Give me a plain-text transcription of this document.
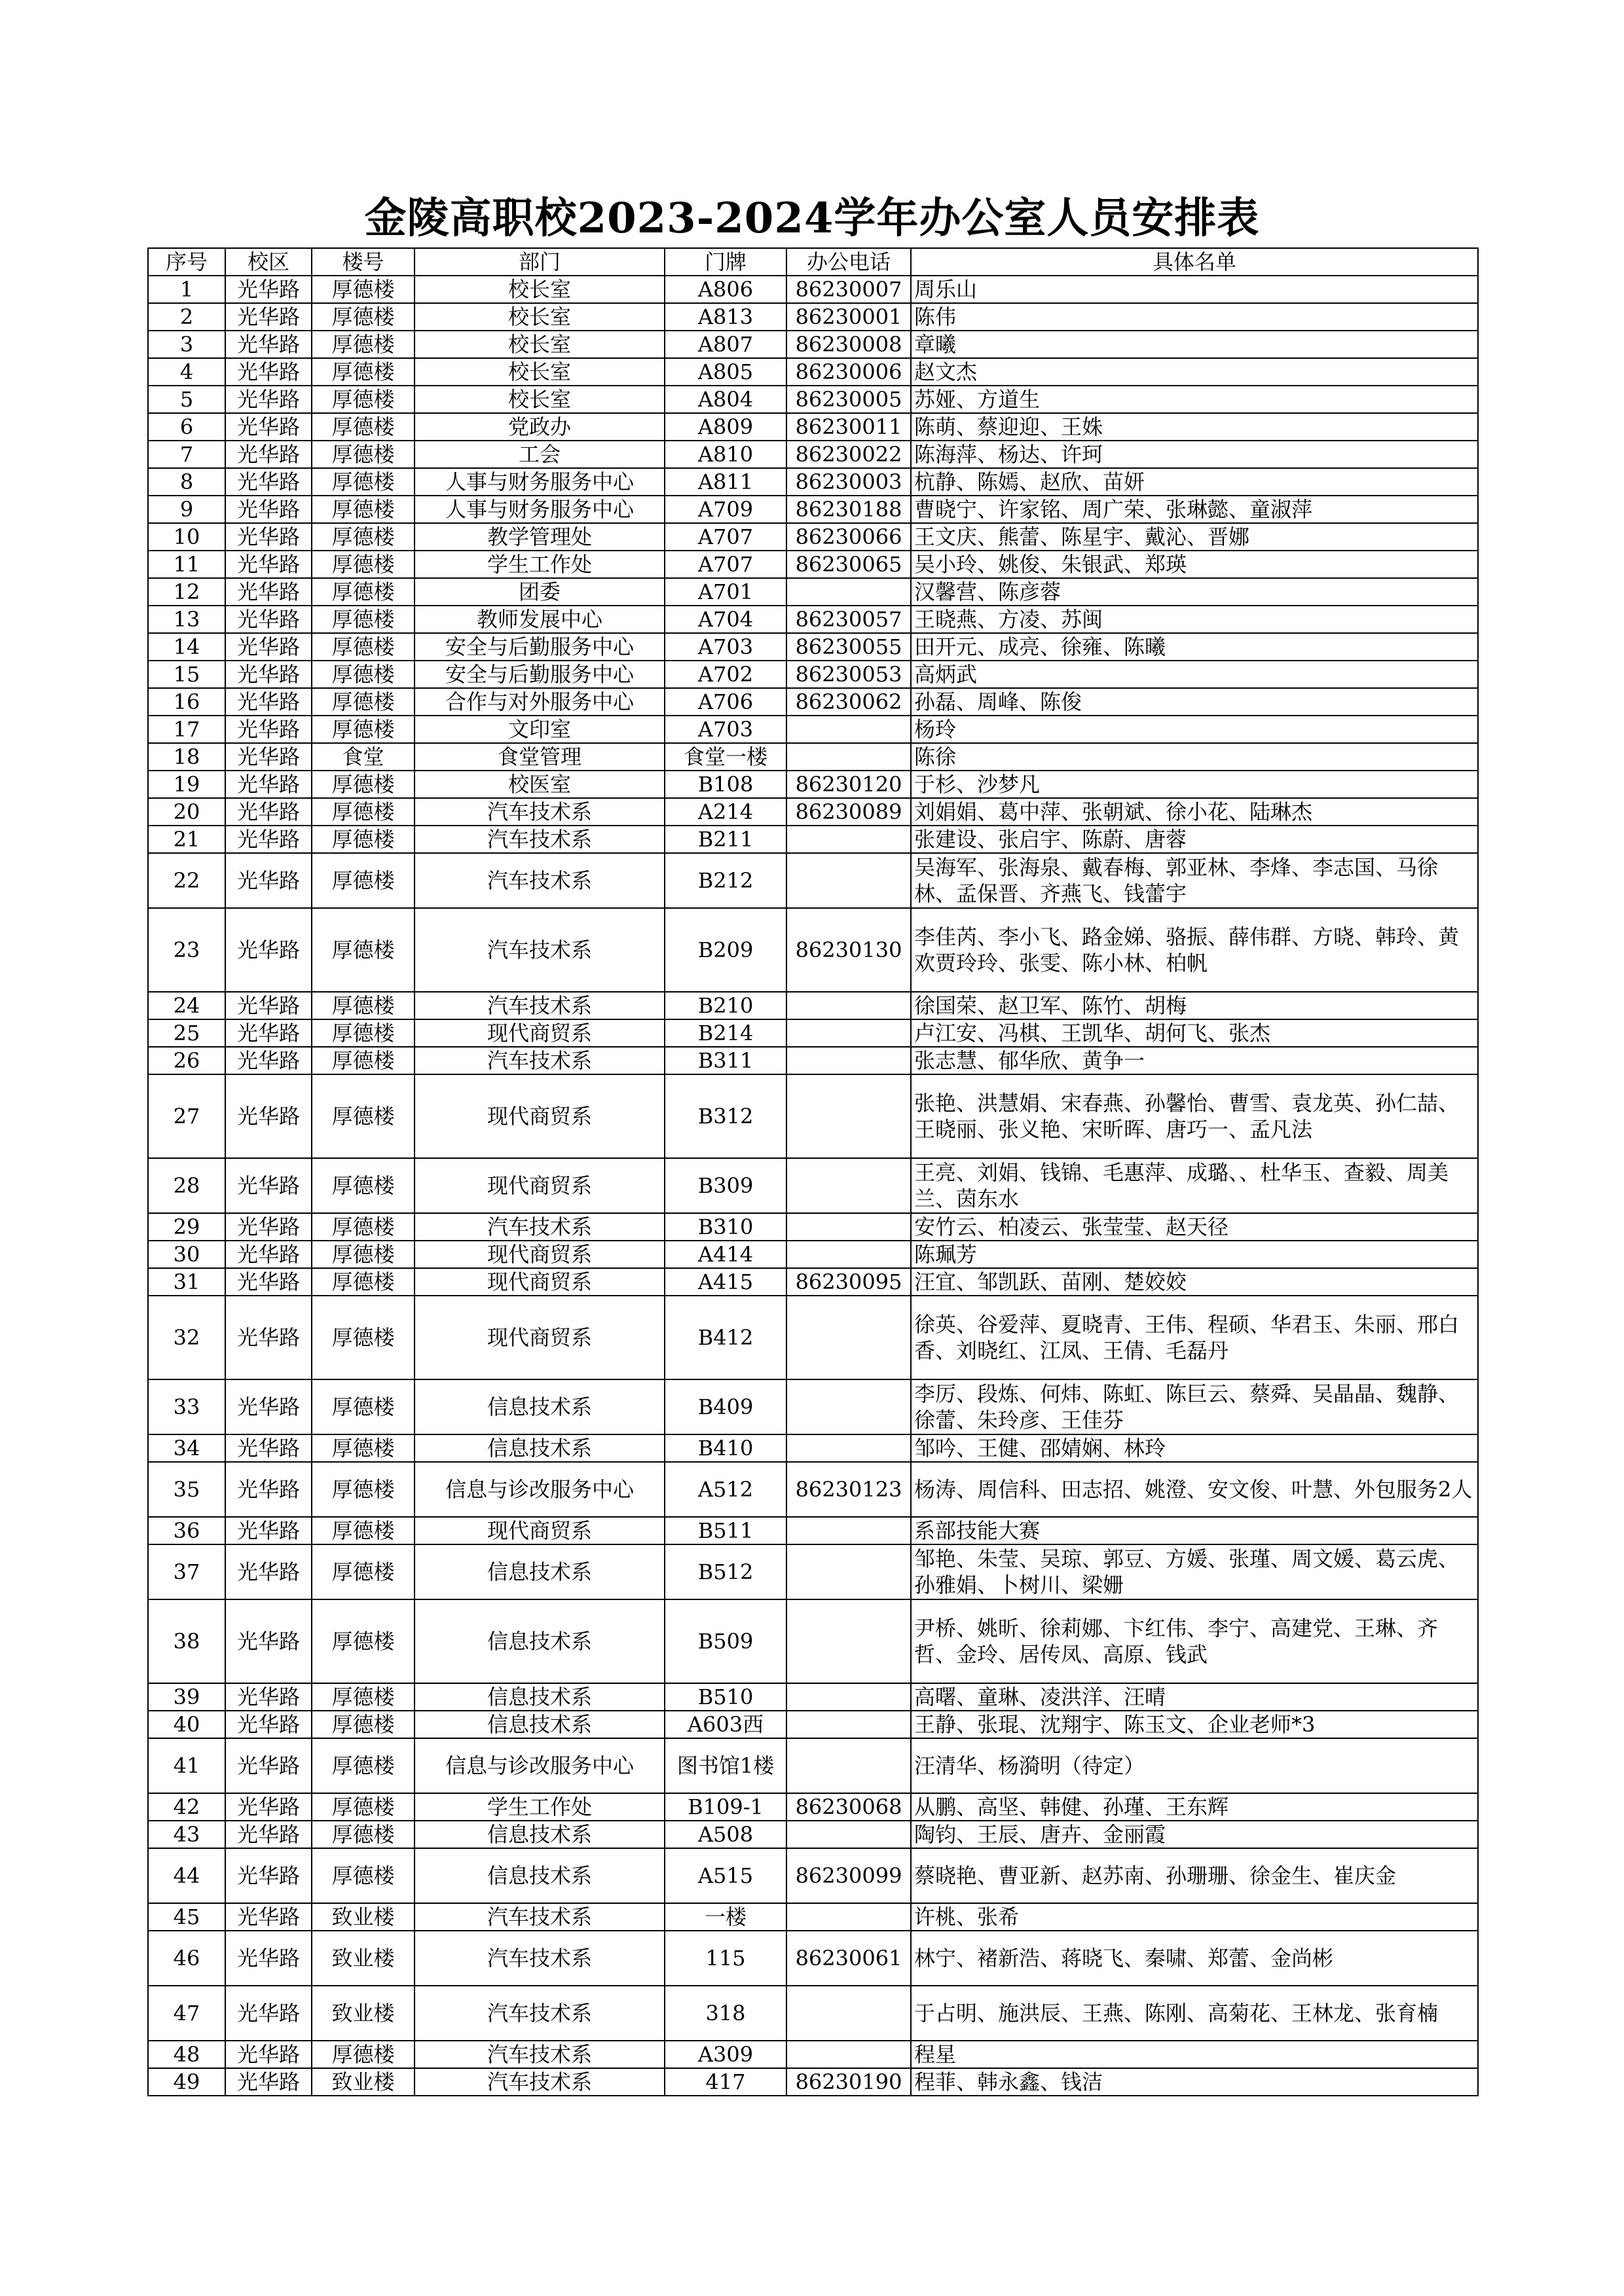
金陵高职校2023-2024学年办公室人员安排表
序号	校区	楼号	部门	门牌	办公电话	具体名单
1	光华路	厚德楼	校长室	A806	86230007	周乐山
2	光华路	厚德楼	校长室	A813	86230001	陈伟
3	光华路	厚德楼	校长室	A807	86230008	章曦
4	光华路	厚德楼	校长室	A805	86230006	赵文杰
5	光华路	厚德楼	校长室	A804	86230005	苏娅、方道生
6	光华路	厚德楼	党政办	A809	86230011	陈萌、蔡迎迎、王姝
7	光华路	厚德楼	工会	A810	86230022	陈海萍、杨达、许珂
8	光华路	厚德楼	人事与财务服务中心	A811	86230003	杭静、陈嫣、赵欣、苗妍
9	光华路	厚德楼	人事与财务服务中心	A709	86230188	曹晓宁、许家铭、周广荣、张琳懿、童淑萍
10	光华路	厚德楼	教学管理处	A707	86230066	王文庆、熊蕾、陈星宇、戴沁、晋娜
11	光华路	厚德楼	学生工作处	A707	86230065	吴小玲、姚俊、朱银武、郑瑛
12	光华路	厚德楼	团委	A701		汉馨营、陈彦蓉
13	光华路	厚德楼	教师发展中心	A704	86230057	王晓燕、方凌、苏闽
14	光华路	厚德楼	安全与后勤服务中心	A703	86230055	田开元、成亮、徐雍、陈曦
15	光华路	厚德楼	安全与后勤服务中心	A702	86230053	高炳武
16	光华路	厚德楼	合作与对外服务中心	A706	86230062	孙磊、周峰、陈俊
17	光华路	厚德楼	文印室	A703		杨玲
18	光华路	食堂	食堂管理	食堂一楼		陈徐
19	光华路	厚德楼	校医室	B108	86230120	于杉、沙梦凡
20	光华路	厚德楼	汽车技术系	A214	86230089	刘娟娟、葛中萍、张朝斌、徐小花、陆琳杰
21	光华路	厚德楼	汽车技术系	B211		张建设、张启宇、陈蔚、唐蓉
22	光华路	厚德楼	汽车技术系	B212		吴海军、张海泉、戴春梅、郭亚林、李烽、李志国、马徐林、孟保晋、齐燕飞、钱蕾宇
23	光华路	厚德楼	汽车技术系	B209	86230130	李佳芮、李小飞、路金娣、骆振、薛伟群、方晓、韩玲、黄欢贾玲玲、张雯、陈小林、柏帆
24	光华路	厚德楼	汽车技术系	B210		徐国荣、赵卫军、陈竹、胡梅
25	光华路	厚德楼	现代商贸系	B214		卢江安、冯棋、王凯华、胡何飞、张杰
26	光华路	厚德楼	汽车技术系	B311		张志慧、郁华欣、黄争一
27	光华路	厚德楼	现代商贸系	B312		张艳、洪慧娟、宋春燕、孙馨怡、曹雪、袁龙英、孙仁喆、王晓丽、张义艳、宋昕晖、唐巧一、孟凡法
28	光华路	厚德楼	现代商贸系	B309		王亮、刘娟、钱锦、毛惠萍、成璐、、杜华玉、查毅、周美兰、茵东水
29	光华路	厚德楼	汽车技术系	B310		安竹云、柏凌云、张莹莹、赵天径
30	光华路	厚德楼	现代商贸系	A414		陈珮芳
31	光华路	厚德楼	现代商贸系	A415	86230095	汪宜、邹凯跃、苗刚、楚姣姣
32	光华路	厚德楼	现代商贸系	B412		徐英、谷爱萍、夏晓青、王伟、程硕、华君玉、朱丽、邢白香、刘晓红、江凤、王倩、毛磊丹
33	光华路	厚德楼	信息技术系	B409		李厉、段炼、何炜、陈虹、陈巨云、蔡舜、吴晶晶、魏静、徐蕾、朱玲彦、王佳芬
34	光华路	厚德楼	信息技术系	B410		邹吟、王健、邵婧娴、林玲
35	光华路	厚德楼	信息与诊改服务中心	A512	86230123	杨涛、周信科、田志招、姚澄、安文俊、叶慧、外包服务2人
36	光华路	厚德楼	现代商贸系	B511		系部技能大赛
37	光华路	厚德楼	信息技术系	B512		邹艳、朱莹、吴琼、郭豆、方媛、张瑾、周文媛、葛云虎、孙雅娟、卜树川、梁姗
38	光华路	厚德楼	信息技术系	B509		尹桥、姚昕、徐莉娜、卞红伟、李宁、高建党、王琳、齐哲、金玲、居传凤、高原、钱武
39	光华路	厚德楼	信息技术系	B510		高曙、童琳、凌洪洋、汪晴
40	光华路	厚德楼	信息技术系	A603西		王静、张琨、沈翔宇、陈玉文、企业老师*3
41	光华路	厚德楼	信息与诊改服务中心	图书馆1楼		汪清华、杨漪明（待定）
42	光华路	厚德楼	学生工作处	B109-1	86230068	从鹏、高坚、韩健、孙瑾、王东辉
43	光华路	厚德楼	信息技术系	A508		陶钧、王辰、唐卉、金丽霞
44	光华路	厚德楼	信息技术系	A515	86230099	蔡晓艳、曹亚新、赵苏南、孙珊珊、徐金生、崔庆金
45	光华路	致业楼	汽车技术系	一楼		许桃、张希
46	光华路	致业楼	汽车技术系	115	86230061	林宁、褚新浩、蒋晓飞、秦啸、郑蕾、金尚彬
47	光华路	致业楼	汽车技术系	318		于占明、施洪辰、王燕、陈刚、高菊花、王林龙、张育楠
48	光华路	厚德楼	汽车技术系	A309		程星
49	光华路	致业楼	汽车技术系	417	86230190	程菲、韩永鑫、钱洁
